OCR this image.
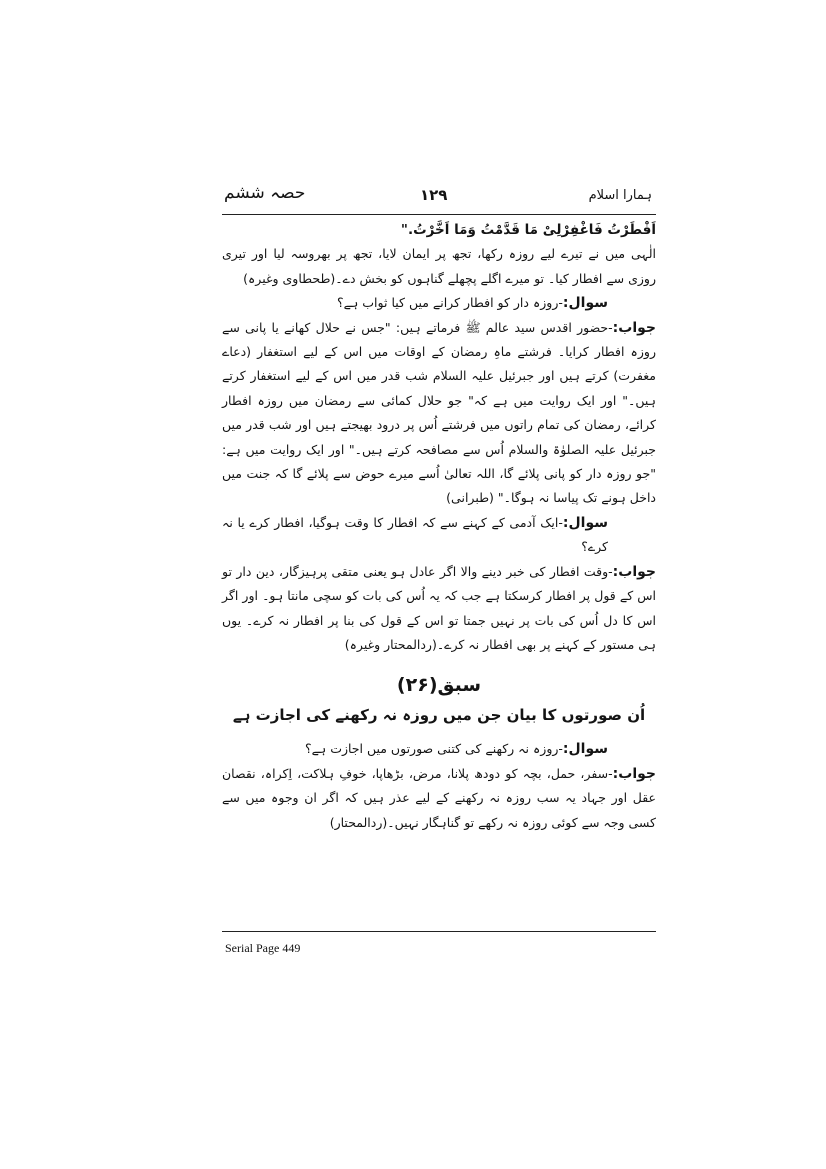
ہمارا اسلام
۱۲۹
حصہ ششم

اَفْطَرْتُ فَاغْفِرْلِیْ مَا قَدَّمْتُ وَمَا اَخَّرْتُ."

الٰہی میں نے تیرے لیے روزہ رکھا، تجھ پر ایمان لایا، تجھ پر بھروسہ لیا اور تیری روزی سے افطار کیا۔ تو میرے اگلے پچھلے گناہوں کو بخش دے۔(طحطاوی وغیرہ)

سوال:-روزہ دار کو افطار کرانے میں کیا ثواب ہے؟

جواب:-حضور اقدس سید عالم ﷺ فرماتے ہیں: "جس نے حلال کھانے یا پانی سے روزہ افطار کرایا۔ فرشتے ماہِ رمضان کے اوقات میں اس کے لیے استغفار (دعاے مغفرت) کرتے ہیں اور جبرئیل علیہ السلام شب قدر میں اس کے لیے استغفار کرتے ہیں۔" اور ایک روایت میں ہے کہ" جو حلال کمائی سے رمضان میں روزہ افطار کرائے، رمضان کی تمام راتوں میں فرشتے اُس پر درود بھیجتے ہیں اور شب قدر میں جبرئیل علیہ الصلوٰۃ والسلام اُس سے مصافحہ کرتے ہیں۔" اور ایک روایت میں ہے: "جو روزہ دار کو پانی پلائے گا، اللہ تعالیٰ اُسے میرے حوض سے پلائے گا کہ جنت میں داخل ہونے تک پیاسا نہ ہوگا۔" (طبرانی)

سوال:-ایک آدمی کے کہنے سے کہ افطار کا وقت ہوگیا، افطار کرے یا نہ کرے؟

جواب:-وقت افطار کی خبر دینے والا اگر عادل ہو یعنی متقی پرہیزگار، دین دار تو اس کے قول پر افطار کرسکتا ہے جب کہ یہ اُس کی بات کو سچی مانتا ہو۔ اور اگر اس کا دل اُس کی بات پر نہیں جمتا تو اس کے قول کی بنا پر افطار نہ کرے۔ یوں ہی مستور کے کہنے پر بھی افطار نہ کرے۔(ردالمحتار وغیرہ)

سبق(۲۶)

اُن صورتوں کا بیان جن میں روزہ نہ رکھنے کی اجازت ہے

سوال:-روزہ نہ رکھنے کی کتنی صورتوں میں اجازت ہے؟

جواب:-سفر، حمل، بچہ کو دودھ پلانا، مرض، بڑھاپا، خوفِ ہلاکت، اِکراہ، نقصان عقل اور جہاد یہ سب روزہ نہ رکھنے کے لیے عذر ہیں کہ اگر ان وجوہ میں سے کسی وجہ سے کوئی روزہ نہ رکھے تو گناہگار نہیں۔(ردالمحتار)

Serial Page 449
